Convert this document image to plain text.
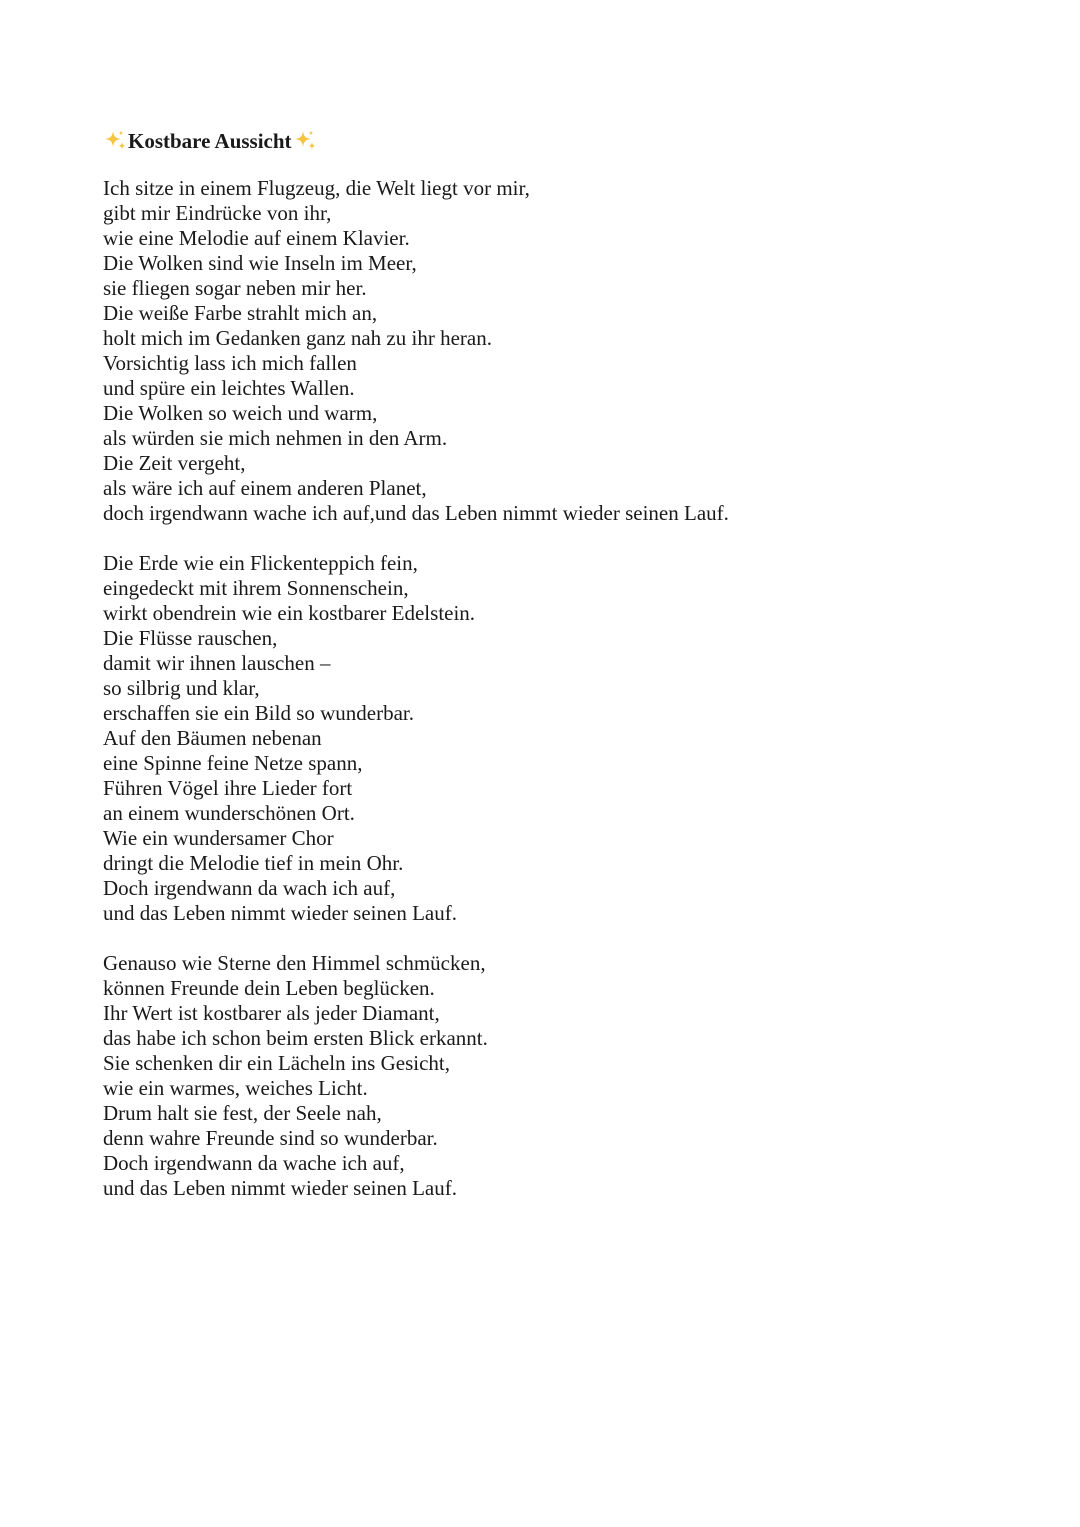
Kostbare Aussicht

Ich sitze in einem Flugzeug, die Welt liegt vor mir,

gibt mir Eindrücke von ihr,

wie eine Melodie auf einem Klavier.

Die Wolken sind wie Inseln im Meer,

sie fliegen sogar neben mir her.

Die weiße Farbe strahlt mich an,

holt mich im Gedanken ganz nah zu ihr heran.

Vorsichtig lass ich mich fallen

und spüre ein leichtes Wallen.

Die Wolken so weich und warm,

als würden sie mich nehmen in den Arm.

Die Zeit vergeht,

als wäre ich auf einem anderen Planet,

doch irgendwann wache ich auf,und das Leben nimmt wieder seinen Lauf.

Die Erde wie ein Flickenteppich fein,

eingedeckt mit ihrem Sonnenschein,

wirkt obendrein wie ein kostbarer Edelstein.

Die Flüsse rauschen,

damit wir ihnen lauschen –

so silbrig und klar,

erschaffen sie ein Bild so wunderbar.

Auf den Bäumen nebenan

eine Spinne feine Netze spann,

Führen Vögel ihre Lieder fort

an einem wunderschönen Ort.

Wie ein wundersamer Chor

dringt die Melodie tief in mein Ohr.

Doch irgendwann da wach ich auf,

und das Leben nimmt wieder seinen Lauf.

Genauso wie Sterne den Himmel schmücken,

können Freunde dein Leben beglücken.

Ihr Wert ist kostbarer als jeder Diamant,

das habe ich schon beim ersten Blick erkannt.

Sie schenken dir ein Lächeln ins Gesicht,

wie ein warmes, weiches Licht.

Drum halt sie fest, der Seele nah,

denn wahre Freunde sind so wunderbar.

Doch irgendwann da wache ich auf,

und das Leben nimmt wieder seinen Lauf.
